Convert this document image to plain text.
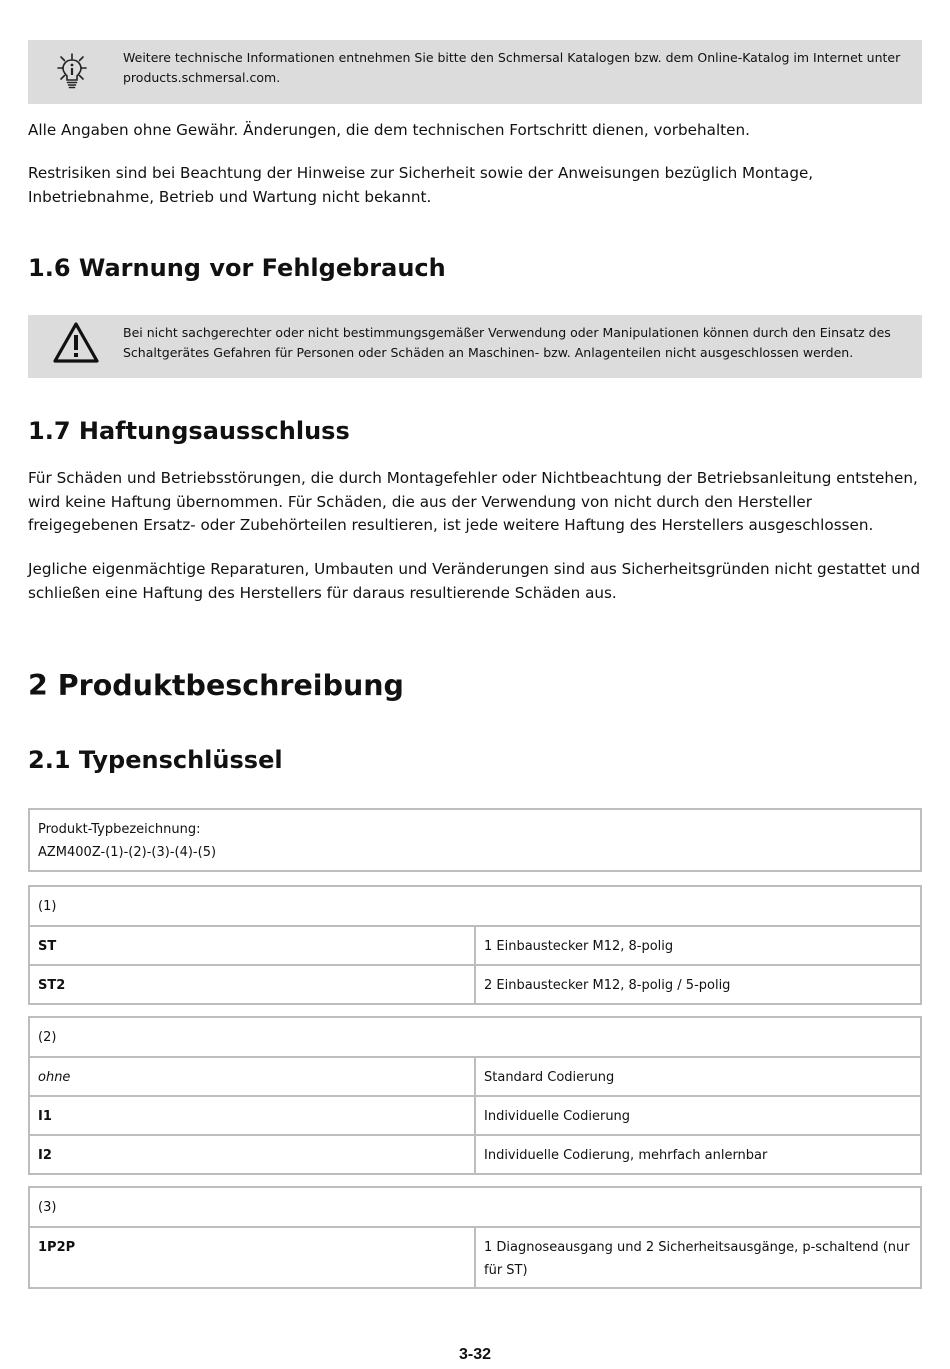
Weitere technische Informationen entnehmen Sie bitte den Schmersal Katalogen bzw. dem Online-Katalog im Internet unter products.schmersal.com.

Alle Angaben ohne Gewähr. Änderungen, die dem technischen Fortschritt dienen, vorbehalten.

Restrisiken sind bei Beachtung der Hinweise zur Sicherheit sowie der Anweisungen bezüglich Montage, Inbetriebnahme, Betrieb und Wartung nicht bekannt.

1.6 Warnung vor Fehlgebrauch
Bei nicht sachgerechter oder nicht bestimmungsgemäßer Verwendung oder Manipulationen können durch den Einsatz des Schaltgerätes Gefahren für Personen oder Schäden an Maschinen- bzw. Anlagenteilen nicht ausgeschlossen werden.
1.7 Haftungsausschluss

Für Schäden und Betriebsstörungen, die durch Montagefehler oder Nichtbeachtung der Betriebsanleitung entstehen, wird keine Haftung übernommen. Für Schäden, die aus der Verwendung von nicht durch den Hersteller freigegebenen Ersatz- oder Zubehörteilen resultieren, ist jede weitere Haftung des Herstellers ausgeschlossen.

Jegliche eigenmächtige Reparaturen, Umbauten und Veränderungen sind aus Sicherheitsgründen nicht gestattet und schließen eine Haftung des Herstellers für daraus resultierende Schäden aus.

2 Produktbeschreibung
2.1 Typenschlüssel
Produkt-Typbezeichnung:
AZM400Z-(1)-(2)-(3)-(4)-(5)
(1)
ST	1 Einbaustecker M12, 8-polig
ST2	2 Einbaustecker M12, 8-polig / 5-polig
(2)
ohne	Standard Codierung
I1	Individuelle Codierung
I2	Individuelle Codierung, mehrfach anlernbar
(3)
1P2P	1 Diagnoseausgang und 2 Sicherheitsausgänge, p-schaltend (nur für ST)
3-32
